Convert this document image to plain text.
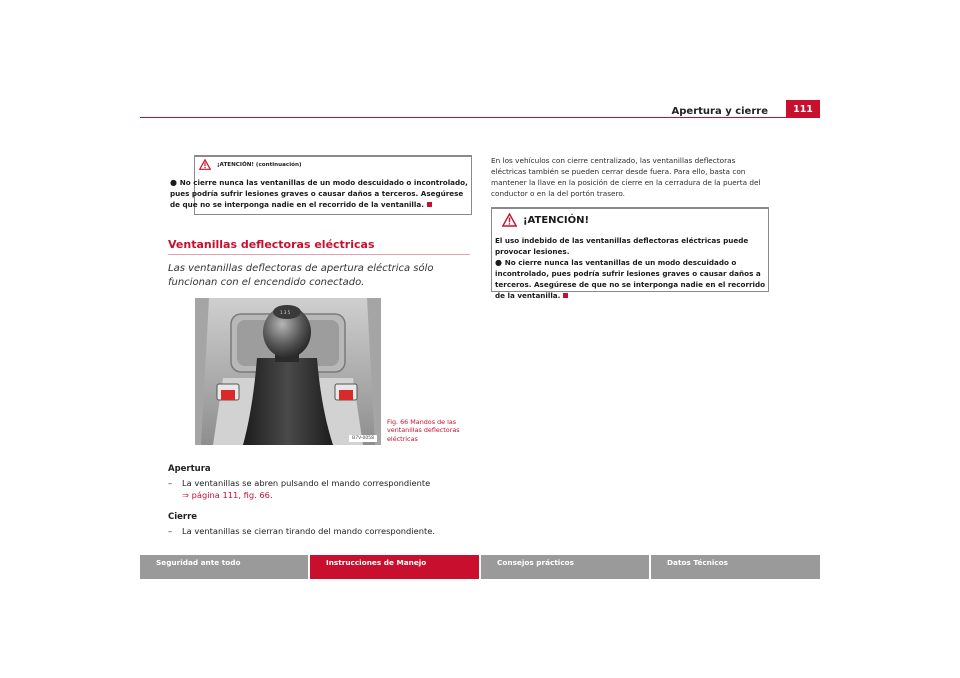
Apertura y cierre	111
¡ATENCIÓN! (continuación)
● No cierre nunca las ventanillas de un modo descuidado o incontrolado, pues podría sufrir lesiones graves o causar daños a terceros. Asegúrese de que no se interponga nadie en el recorrido de la ventanilla.
Ventanillas deflectoras eléctricas
Las ventanillas deflectoras de apertura eléctrica sólo funcionan con el encendido conectado.
1 3 5
B7V-0058
Fig. 66 Mandos de las ventanillas deflectoras eléctricas
Apertura
– La ventanillas se abren pulsando el mando correspondiente
⇒ página 111, fig. 66.
Cierre
– La ventanillas se cierran tirando del mando correspondiente.
En los vehículos con cierre centralizado, las ventanillas deflectoras eléctricas también se pueden cerrar desde fuera. Para ello, basta con mantener la llave en la posición de cierre en la cerradura de la puerta del conductor o en la del portón trasero.
¡ATENCIÓN!
El uso indebido de las ventanillas deflectoras eléctricas puede provocar lesiones.
● No cierre nunca las ventanillas de un modo descuidado o incontrolado, pues podría sufrir lesiones graves o causar daños a terceros. Asegúrese de que no se interponga nadie en el recorrido de la ventanilla.
Seguridad ante todo	Instrucciones de Manejo	Consejos prácticos	Datos Técnicos
